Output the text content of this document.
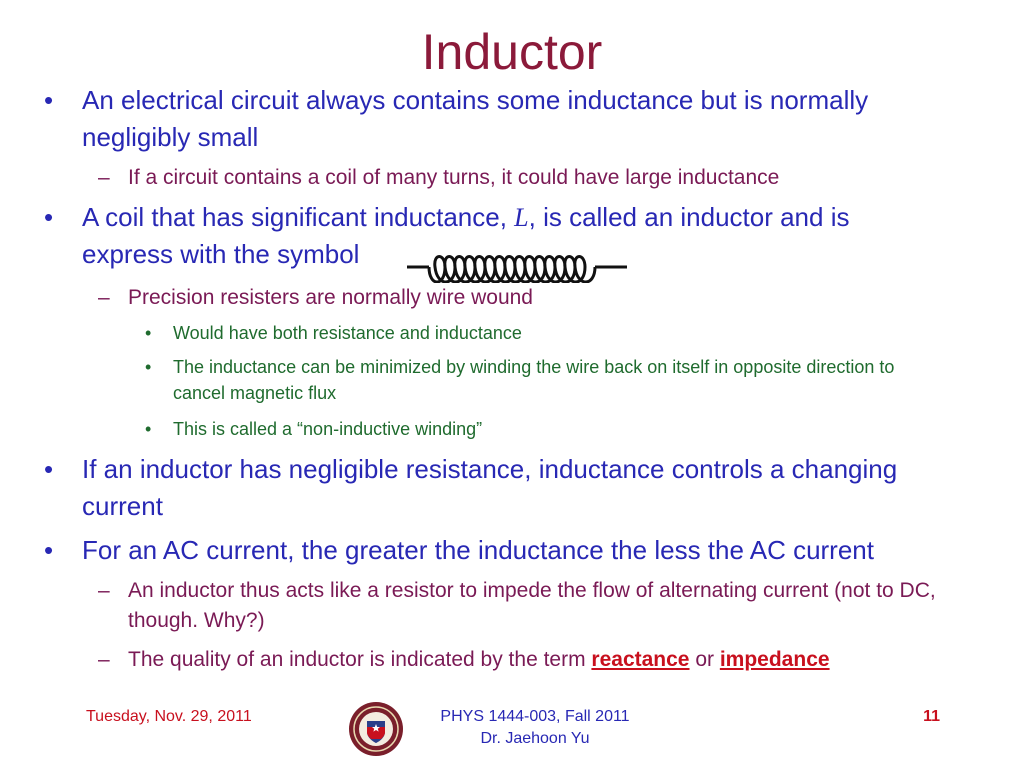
Inductor
• An electrical circuit always contains some inductance but is normally negligibly small
– If a circuit contains a coil of many turns, it could have large inductance
• A coil that has significant inductance, L, is called an inductor and is express with the symbol
– Precision resisters are normally wire wound
• Would have both resistance and inductance
• The inductance can be minimized by winding the wire back on itself in opposite direction to cancel magnetic flux
• This is called a “non-inductive winding”
• If an inductor has negligible resistance, inductance controls a changing current
• For an AC current, the greater the inductance the less the AC current
– An inductor thus acts like a resistor to impede the flow of alternating current (not to DC, though. Why?)
– The quality of an inductor is indicated by the term reactance or impedance
Tuesday, Nov. 29, 2011	PHYS 1444-003, Fall 2011
Dr. Jaehoon Yu
11
